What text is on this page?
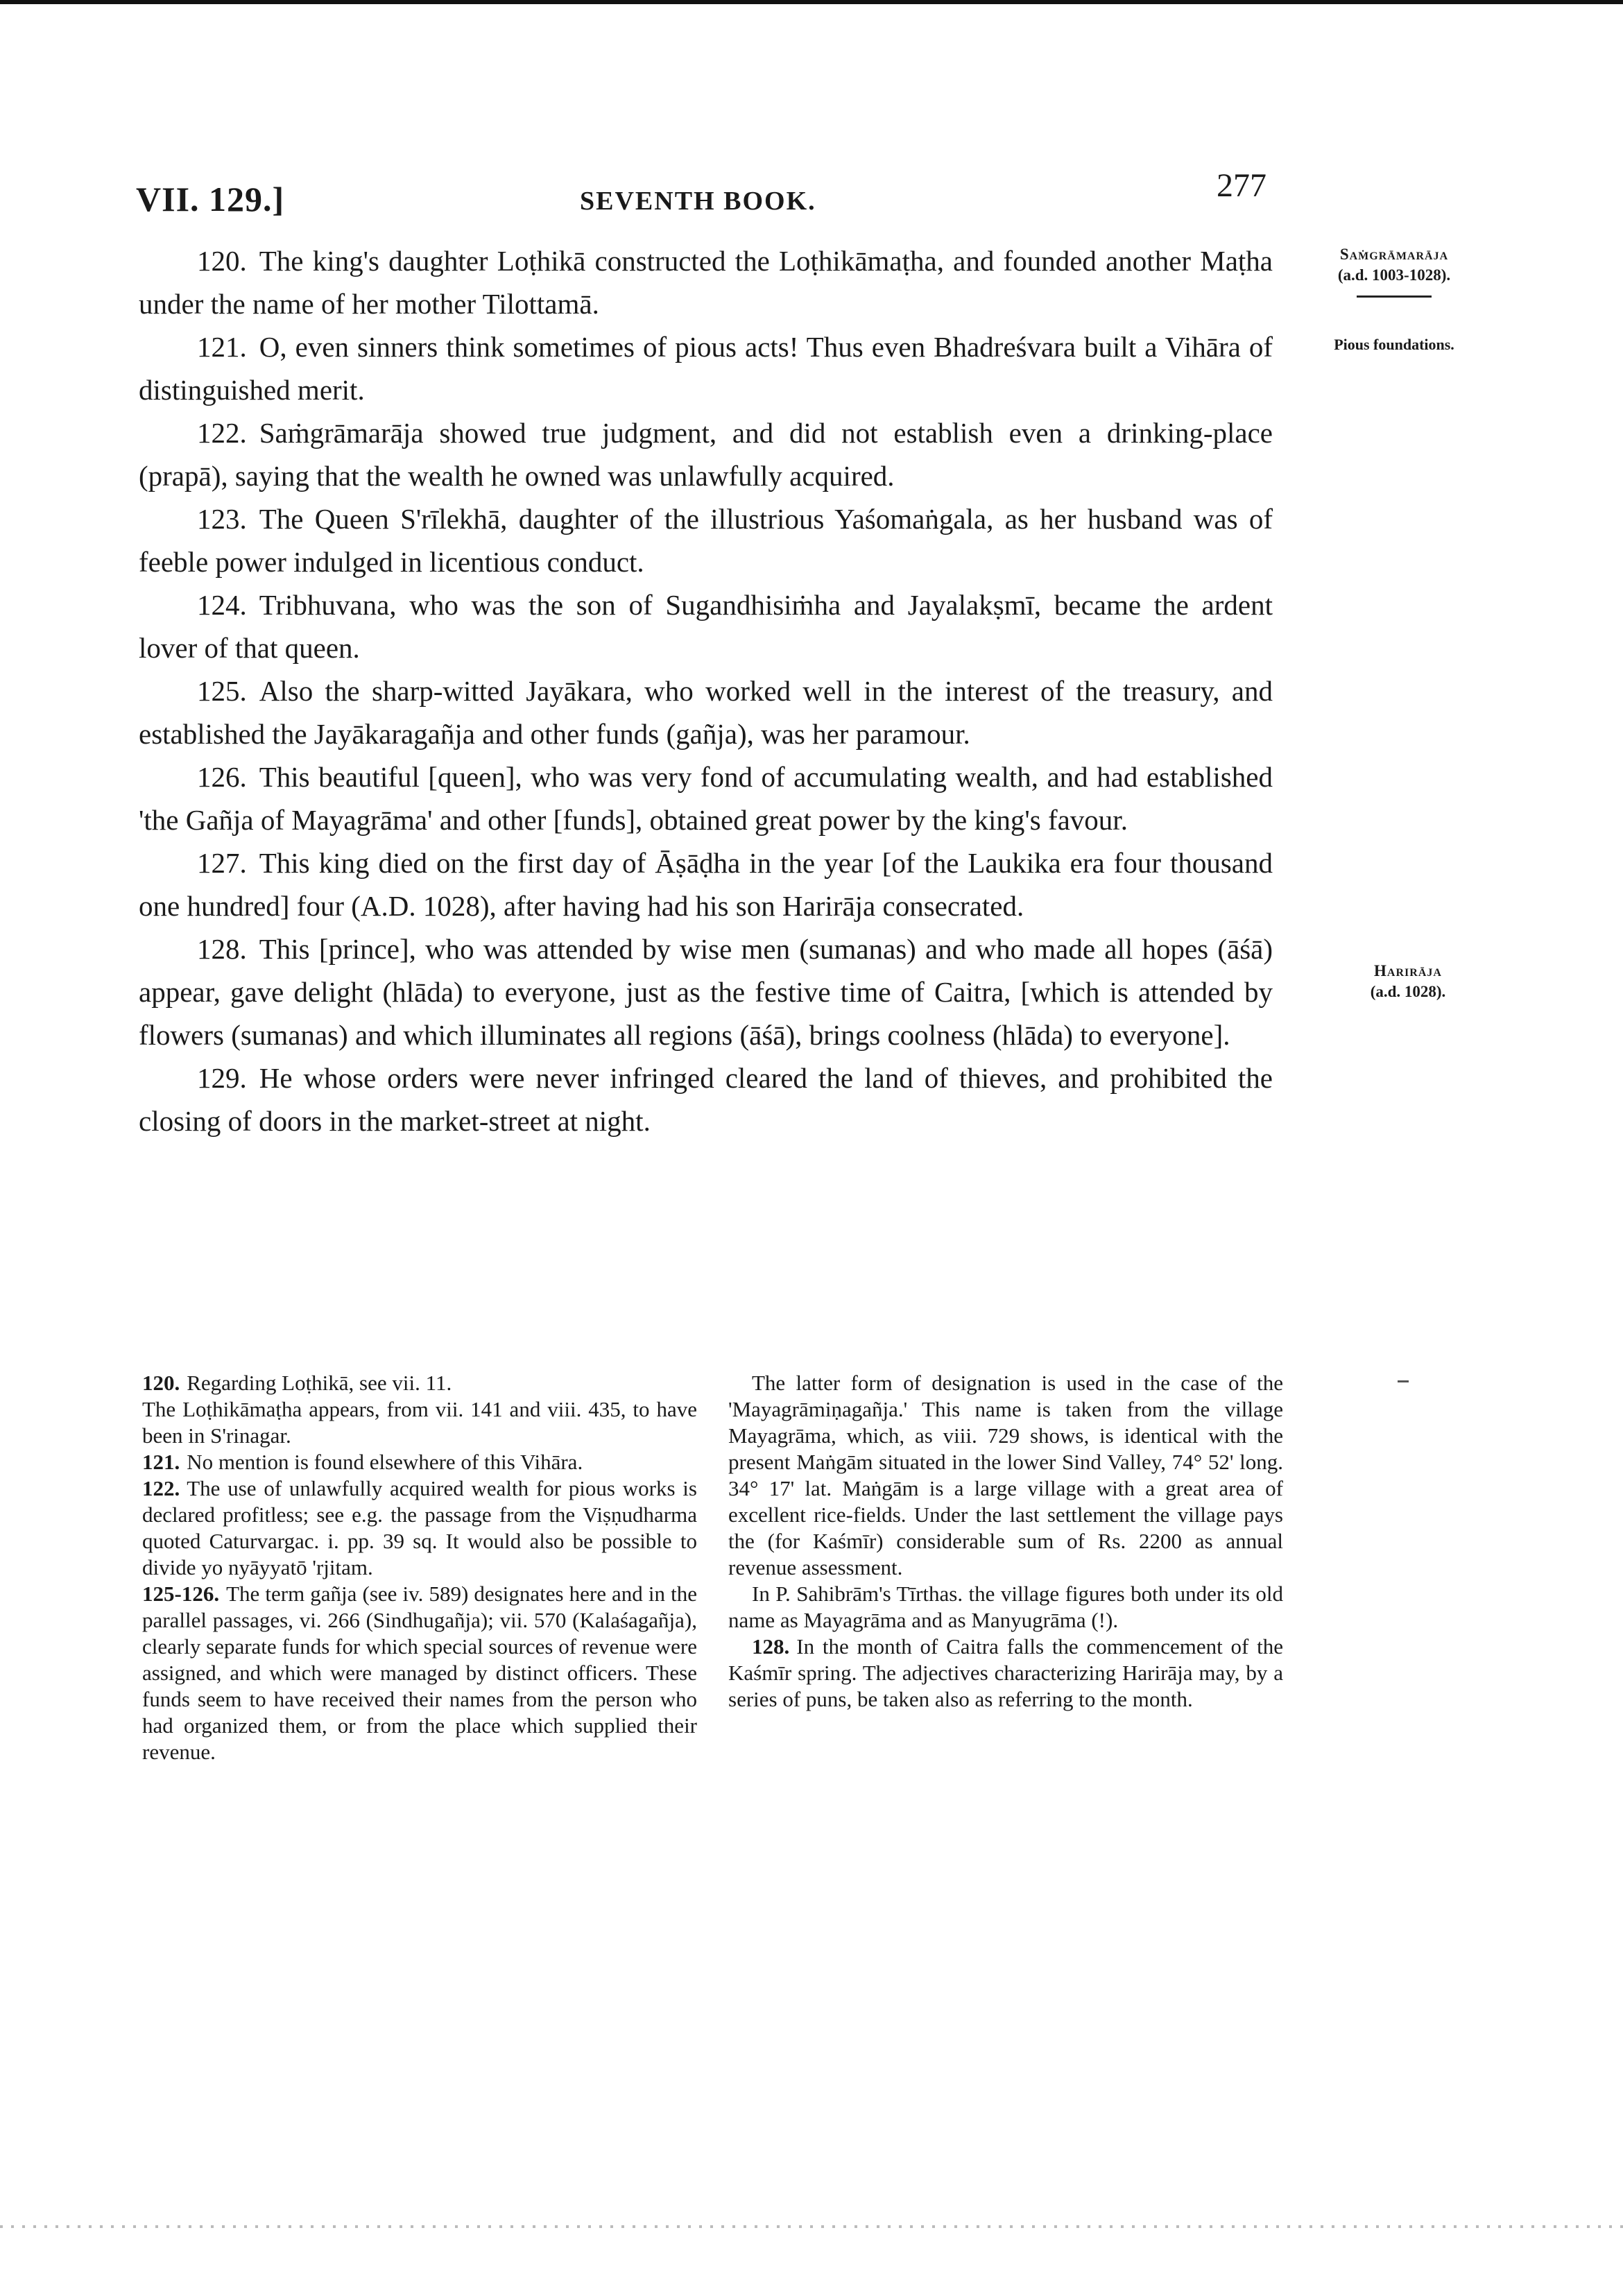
VII. 129.]	SEVENTH BOOK.	277
Saṁgrāmarāja
(a.d. 1003-1028).
Pious foundations.
Harirāja
(a.d. 1028).

120. The king's daughter Loṭhikā constructed the Loṭhikāmaṭha, and founded another Maṭha under the name of her mother Tilottamā.

121. O, even sinners think sometimes of pious acts! Thus even Bhadreśvara built a Vihāra of distinguished merit.

122. Saṁgrāmarāja showed true judgment, and did not establish even a drinking-place (prapā), saying that the wealth he owned was unlawfully acquired.

123. The Queen S'rīlekhā, daughter of the illustrious Yaśomaṅgala, as her husband was of feeble power indulged in licentious conduct.

124. Tribhuvana, who was the son of Sugandhisiṁha and Jayalakṣmī, became the ardent lover of that queen.

125. Also the sharp-witted Jayākara, who worked well in the interest of the treasury, and established the Jayākaragañja and other funds (gañja), was her paramour.

126. This beautiful [queen], who was very fond of accumulating wealth, and had established 'the Gañja of Mayagrāma' and other [funds], obtained great power by the king's favour.

127. This king died on the first day of Āṣāḍha in the year [of the Laukika era four thousand one hundred] four (A.D. 1028), after having had his son Harirāja consecrated.

128. This [prince], who was attended by wise men (sumanas) and who made all hopes (āśā) appear, gave delight (hlāda) to everyone, just as the festive time of Caitra, [which is attended by flowers (sumanas) and which illuminates all regions (āśā), brings coolness (hlāda) to everyone].

129. He whose orders were never infringed cleared the land of thieves, and prohibited the closing of doors in the market-street at night.

120. Regarding Loṭhikā, see vii. 11.

The Loṭhikāmaṭha appears, from vii. 141 and viii. 435, to have been in S'rinagar.

121. No mention is found elsewhere of this Vihāra.

122. The use of unlawfully acquired wealth for pious works is declared profitless; see e.g. the passage from the Viṣṇudharma quoted Caturvargac. i. pp. 39 sq. It would also be possible to divide yo nyāyyatō 'rjitam.

125-126. The term gañja (see iv. 589) designates here and in the parallel passages, vi. 266 (Sindhugañja); vii. 570 (Kalaśagañja), clearly separate funds for which special sources of revenue were assigned, and which were managed by distinct officers. These funds seem to have received their names from the person who had organized them, or from the place which supplied their revenue.

The latter form of designation is used in the case of the 'Mayagrāmiṇagañja.' This name is taken from the village Mayagrāma, which, as viii. 729 shows, is identical with the present Maṅgām situated in the lower Sind Valley, 74° 52' long. 34° 17' lat. Maṅgām is a large village with a great area of excellent rice-fields. Under the last settlement the village pays the (for Kaśmīr) considerable sum of Rs. 2200 as annual revenue assessment.

In P. Sahibrām's Tīrthas. the village figures both under its old name as Mayagrāma and as Manyugrāma (!).

128. In the month of Caitra falls the commencement of the Kaśmīr spring. The adjectives characterizing Harirāja may, by a series of puns, be taken also as referring to the month.
